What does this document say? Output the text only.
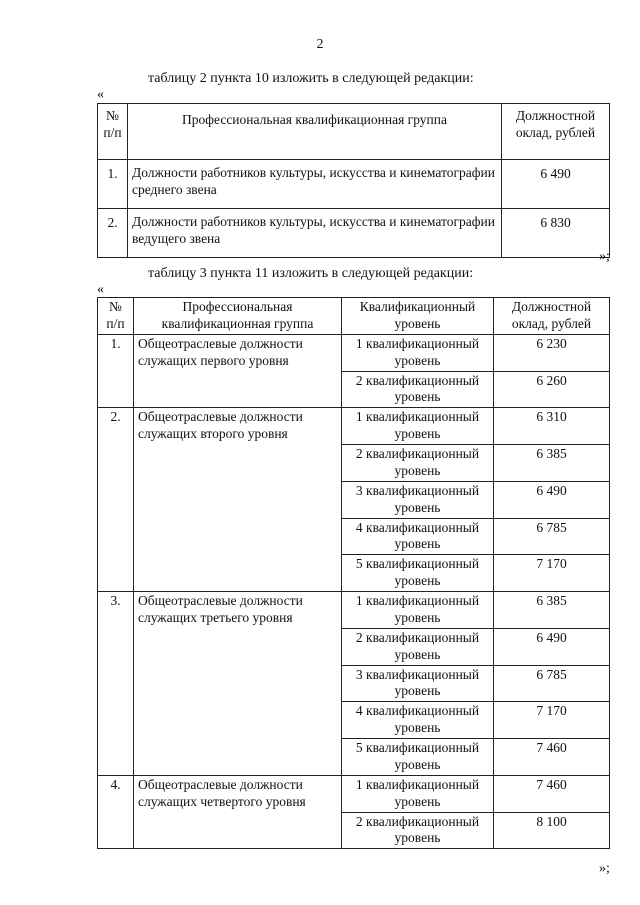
2
таблицу 2 пункта 10 изложить в следующей редакции:
«
№ п/п	Профессиональная квалификационная группа	Должностной оклад, рублей
1.	Должности работников культуры, искусства и кинематографии среднего звена	6 490
2.	Должности работников культуры, искусства и кинематографии ведущего звена	6 830
»;
таблицу 3 пункта 11 изложить в следующей редакции:
«
№ п/п	Профессиональная квалификационная группа	Квалификационный уровень	Должностной оклад, рублей
1.	Общеотраслевые должности служащих первого уровня	1 квалификационный уровень	6 230
		2 квалификационный уровень	6 260
2.	Общеотраслевые должности служащих второго уровня	1 квалификационный уровень	6 310
		2 квалификационный уровень	6 385
		3 квалификационный уровень	6 490
		4 квалификационный уровень	6 785
		5 квалификационный уровень	7 170
3.	Общеотраслевые должности служащих третьего уровня	1 квалификационный уровень	6 385
		2 квалификационный уровень	6 490
		3 квалификационный уровень	6 785
		4 квалификационный уровень	7 170
		5 квалификационный уровень	7 460
4.	Общеотраслевые должности служащих четвертого уровня	1 квалификационный уровень	7 460
		2 квалификационный уровень	8 100
»;
